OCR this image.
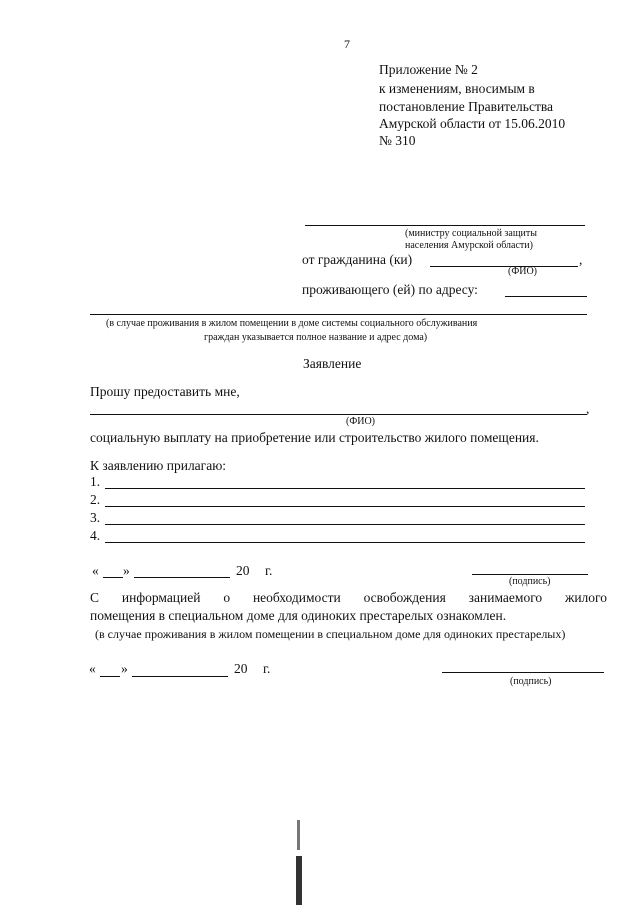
7
Приложение № 2
к изменениям, вносимым в
постановление Правительства
Амурской области от 15.06.2010
№ 310
(министру социальной защиты
населения Амурской области)
от гражданина (ки)	,
(ФИО)
проживающего (ей) по адресу:
(в случае проживания в жилом помещении в доме системы социального обслуживания
граждан указывается полное название и адрес дома)
Заявление
Прошу предоставить мне,
,
(ФИО)
социальную выплату на приобретение или строительство жилого помещения.
К заявлению прилагаю:
1.
2.
3.
4.
« »	20 г.
(подпись)
С информацией о необходимости освобождения занимаемого жилого
помещения в специальном доме для одиноких престарелых ознакомлен.
(в случае проживания в жилом помещении в специальном доме для одиноких престарелых)
« »	20 г.
(подпись)
